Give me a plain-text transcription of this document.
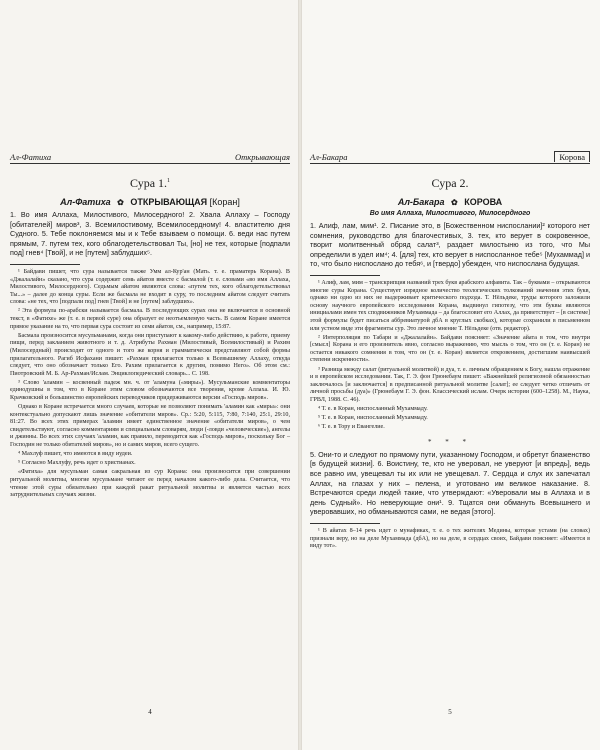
Ал-Фатиха	Открывающая
Сура 1.$^1$
Ал-Фатиха ✿ ОТКРЫВАЮЩАЯ [Коран]
1. Во имя Аллаха, Милостивого, Милосердного! 2. Хвала Аллаху – Господу [обитателей] миров³, 3. Всемилостивому, Всемилосердному! 4. властителю дня Судного. 5. Тебе поклоняемся мы и к Тебе взываем о помощи. 6. веди нас путем прямым, 7. путем тех, кого облагодетельствовал Ты, [но] не тех, которые [подпали под] гнев⁴ [Твой], и не [путем] заблудших⁵.

¹ Байдави пишет, что сура называется также Умм ал-Кур'ан (Мать. т. е. праматерь Корана). В «Джалалайн» сказано, что сура содержит семь айатов вместе с басмалой (т. е. словами «во имя Аллаха, Милостивого, Милосердного). Седьмым айатом являются слова: «путем тех, кого облагодетельствовал Ты...» – далее до конца суры. Если же басмала не входит в суру, то последним айатом следует считать слова: «не тех, что [подпали под] гнев [Твой] и не [путем] заблудших».

² Эта формула по-арабски называется басмала. В последующих сурах она не включается в основной текст, в «Фатихе» же (т. е. в первой суре) она образует ее неотъемлемую часть. В самом Коране имеется прямое указание на то, что первая сура состоит из семи айатов, см., например, 15:87.

Басмала произносится мусульманами, когда они приступают к какому-либо действию, к работе, приему пищи, перед закланием животного и т. д. Атрибуты Рахман (Милостивый, Всемилостивый) и Рахим (Милосердный) происходят от одного и того же корня и грамматически представляют собой формы прилагательного. Рагиб Исфахани пишет: «Рахман прилагается только к Всевышнему Аллаху, откуда следует, что оно обозначает только Его. Рахим прилагается к другим, помимо Него». Об этом см.: Пиотровский М. Б. Ар-Рахман/Ислам. Энциклопедический словарь... С. 198.

³ Слово 'аламин – косвенный падеж мн. ч. от 'аламуна («миры»). Мусульманские комментаторы единодушны в том, что в Коране этим словом обозначаются все творения, кроме Аллаха. И. Ю. Крачковский и большинство европейских переводчиков придерживаются версии «Господь миров».

Однако в Коране встречается много случаев, которые не позволяют понимать 'аламин как «миры»: они контекстуально допускают лишь значение «обитатели миров». Ср.: 5:20, 5:115, 7:80, 7:140, 25:1, 29:10, 81:27. Во всех этих примерах 'аламин имеет единственное значение «обитатели миров», о чем свидетельствуют, согласно комментариям и специальным словарям, люди (-ловди «человеческие»), ангелы и джинны. Во всех этих случаях 'аламин, как правило, переводится как «Господь миров», поскольку Бог – Господин не только обитателей миров», но и самих миров, всего сущего.

⁴ Махлуф пишет, что имеются в виду иудеи.

⁵ Согласно Махлуфу, речь идет о христианах.

«Фатиха» для мусульман самая сакральная из сур Корана: она произносится при совершении ритуальной молитвы, многие мусульмане читают ее перед началом какого-либо дела. Считается, что чтение этой суры обязательно при каждой ракат ритуальной молитвы и является частью всех затруднительных случаях жизни.

4
Ал-Бакара	Корова
Сура 2.
Ал-Бакара ✿ КОРОВА
Во имя Аллаха, Милостивого, Милосердного
1. Алиф, лам, мим¹. 2. Писание это, в [Божественном ниспослании]² которого нет сомнения, руководство для благочестивых, 3. тех, кто верует в сокровенное, творит молитвенный обряд салат³, раздает милостыню из того, что Мы определили в удел им⁴; 4. [для] тех, кто верует в ниспосланное тебе⁵ [Мухаммад] и то, что было ниспослано до тебя⁶, и [твердо] убежден, что ниспослана будущая.

¹ Алиф, лам, мим – транскрипция названий трех букв арабского алфавита. Так – буквами – открываются многие суры Корана. Существует изрядное количество теологических толкований значения этих букв, однако ни одно из них не выдерживает критического подхода. Т. Нёльдеке, труды которого заложили основу научного европейского исследования Корана, выдвинул гипотезу, что эти буквы являются инициалами имен тех сподвижников Мухаммада – да благословит его Аллах, да приветствует – [в системе] этой формулы будет писаться аббревиатурой дбА в круглых скобках), которые сохранили в письменном или устном виде эти фрагменты сур. Это личное мнение Т. Нёльдеке (отв. редактор).

² Интерполяция по Табари и «Джалалайн». Байдави поясняет: «Значение айата в том, что внутри [смысл] Корана и его произнитель явно, согласно выражению, что мысль о том, что он (т. е. Коран) не остается никакого сомнения в том, что он (т. е. Коран) является откровением, достигшим наивысшей степени искренности».

³ Разница между салат (ритуальной молитвой) и дуа, т. е. личным обращением к Богу, нашла отражение и в европейском исследовании. Так, Г. Э. фон Грюнебаум пишет: «Важнейшей религиозной обязанностью заключалось [и заключается] в предписанной ритуальной молитве [салат]; ее следует четко отличать от личной просьбы (дуа)» (Грюнебаум Г. Э. фон. Классический ислам. Очерк истории (600–1258). М., Наука, ГРВЛ, 1988. С. 46).

⁴ Т. е. в Коран, ниспосланный Мухаммаду.

⁵ Т. е. в Коран, ниспосланный Мухаммаду.

⁶ Т. е. в Тору и Евангелие.

* * *
5. Они-то и следуют по прямому пути, указанному Господом, и обретут блаженство [в будущей жизни]. 6. Воистину, те, кто не уверовал, не уверуют [и впредь], ведь все равно им, увещевал ты их или не увещевал. 7. Сердца и слух их запечатал Аллах, на глазах у них – пелена, и уготовано им великое наказание. 8. Встречаются среди людей такие, что утверждают: «Уверовали мы в Аллаха и в день Судный». Но неверующие они¹. 9. Тщатся они обмануть Всевышнего и уверовавших, но обманываются сами, не ведая [этого].

¹ В айатах 8–14 речь идет о мунафиках, т. е. о тех жителях Медины, которые устами (на словах) признали веру, но на деле Мухаммада (дбА), но на деле, в сердцах своих, Байдави поясняет: «Имеется в виду тот».

5
